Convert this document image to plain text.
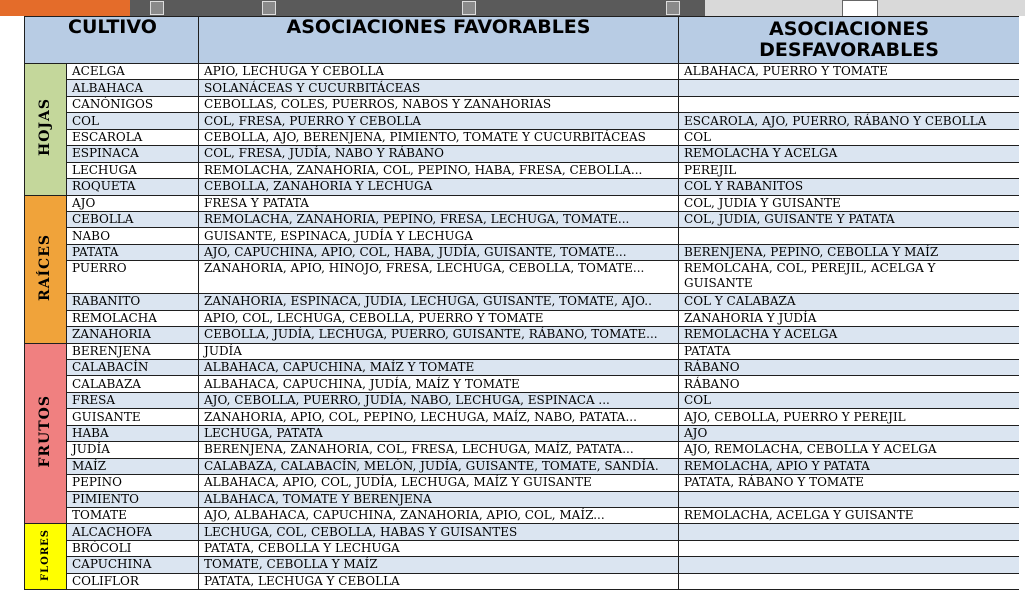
CULTIVO		ASOCIACIONES FAVORABLES	ASOCIACIONES
DESFAVORABLES

HOJAS	ACELGA	APIO, LECHUGA Y CEBOLLA	ALBAHACA, PUERRO Y TOMATE
	ALBAHACA	SOLANÁCEAS Y CUCURBITÁCEAS	
	CANÓNIGOS	CEBOLLAS, COLES, PUERROS, NABOS Y ZANAHORIAS	
	COL	COL, FRESA, PUERRO Y CEBOLLA	ESCAROLA, AJO, PUERRO, RÁBANO Y CEBOLLA
	ESCAROLA	CEBOLLA, AJO, BERENJENA, PIMIENTO, TOMATE Y CUCURBITÁCEAS	COL
	ESPINACA	COL, FRESA, JUDÍA, NABO Y RÁBANO	REMOLACHA Y ACELGA
	LECHUGA	REMOLACHA, ZANAHORIA, COL, PEPINO, HABA, FRESA, CEBOLLA...	PEREJIL
	ROQUETA	CEBOLLA, ZANAHORIA Y LECHUGA	COL Y RABANITOS
RAÍCES	AJO	FRESA Y PATATA	COL, JUDIA Y GUISANTE
	CEBOLLA	REMOLACHA, ZANAHORIA, PEPINO, FRESA, LECHUGA, TOMATE...	COL, JUDIA, GUISANTE Y PATATA
	NABO	GUISANTE, ESPINACA, JUDÍA Y LECHUGA	
	PATATA	AJO, CAPUCHINA, APIO, COL, HABA, JUDÍA, GUISANTE, TOMATE...	BERENJENA, PEPINO, CEBOLLA Y MAÍZ
	PUERRO	ZANAHORIA, APIO, HINOJO, FRESA, LECHUGA, CEBOLLA, TOMATE...	REMOLCAHA, COL, PEREJIL, ACELGA Y
GUISANTE

	RABANITO	ZANAHORIA, ESPINACA, JUDIA, LECHUGA, GUISANTE, TOMATE, AJO..	COL Y CALABAZA
	REMOLACHA	APIO, COL, LECHUGA, CEBOLLA, PUERRO Y TOMATE	ZANAHORIA Y JUDÍA
	ZANAHORIA	CEBOLLA, JUDÍA, LECHUGA, PUERRO, GUISANTE, RÁBANO, TOMATE...	REMOLACHA Y ACELGA
FRUTOS	BERENJENA	JUDÍA	PATATA
	CALABACÍN	ALBAHACA, CAPUCHINA, MAÍZ Y TOMATE	RÁBANO
	CALABAZA	ALBAHACA, CAPUCHINA, JUDÍA, MAÍZ Y TOMATE	RÁBANO
	FRESA	AJO, CEBOLLA, PUERRO, JUDÍA, NABO, LECHUGA, ESPINACA ...	COL
	GUISANTE	ZANAHORIA, APIO, COL, PEPINO, LECHUGA, MAÍZ, NABO, PATATA...	AJO, CEBOLLA, PUERRO Y PEREJIL
	HABA	LECHUGA, PATATA	AJO
	JUDÍA	BERENJENA, ZANAHORIA, COL, FRESA, LECHUGA, MAÍZ, PATATA...	AJO, REMOLACHA, CEBOLLA Y ACELGA
	MAÍZ	CALABAZA, CALABACÍN, MELÓN, JUDÍA, GUISANTE, TOMATE, SANDÍA.	REMOLACHA, APIO Y PATATA
	PEPINO	ALBAHACA, APIO, COL, JUDÍA, LECHUGA, MAÍZ Y GUISANTE	PATATA, RÁBANO Y TOMATE
	PIMIENTO	ALBAHACA, TOMATE Y BERENJENA	
	TOMATE	AJO, ALBAHACA, CAPUCHINA, ZANAHORIA, APIO, COL, MAÍZ...	REMOLACHA, ACELGA Y GUISANTE
FLORES	ALCACHOFA	LECHUGA, COL, CEBOLLA, HABAS Y GUISANTES	
	BRÓCOLI	PATATA, CEBOLLA Y LECHUGA	
	CAPUCHINA	TOMATE, CEBOLLA Y MAÍZ	
	COLIFLOR	PATATA, LECHUGA Y CEBOLLA	
